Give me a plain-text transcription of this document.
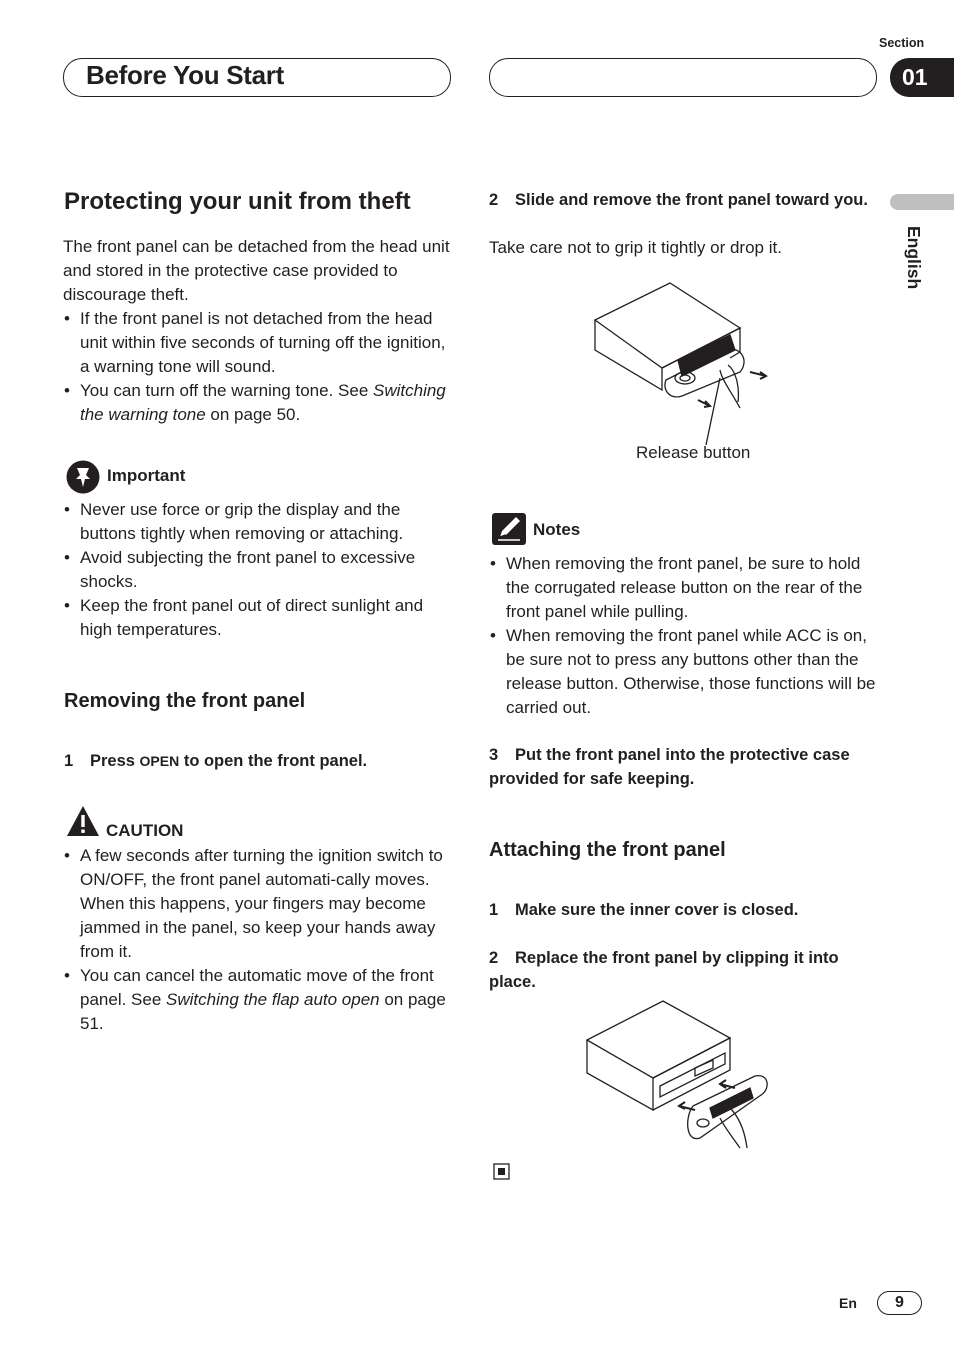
Before You Start
Section
01
English
Protecting your unit from theft

The front panel can be detached from the head unit and stored in the protective case provided to discourage theft.

• If the front panel is not detached from the head unit within five seconds of turning off the ignition, a warning tone will sound.
• You can turn off the warning tone. See Switching the warning tone on page 50.
Important
• Never use force or grip the display and the buttons tightly when removing or attaching.
• Avoid subjecting the front panel to excessive shocks.
• Keep the front panel out of direct sunlight and high temperatures.
Removing the front panel
1 Press OPEN to open the front panel.
CAUTION
• A few seconds after turning the ignition switch to ON/OFF, the front panel automati-cally moves. When this happens, your fingers may become jammed in the panel, so keep your hands away from it.
• You can cancel the automatic move of the front panel. See Switching the flap auto open on page 51.
2 Slide and remove the front panel toward you.

Take care not to grip it tightly or drop it.

Release button
Notes
• When removing the front panel, be sure to hold the corrugated release button on the rear of the front panel while pulling.
• When removing the front panel while ACC is on, be sure not to press any buttons other than the release button. Otherwise, those functions will be carried out.
3 Put the front panel into the protective case provided for safe keeping.
Attaching the front panel
1 Make sure the inner cover is closed.
2 Replace the front panel by clipping it into place.
En	9
